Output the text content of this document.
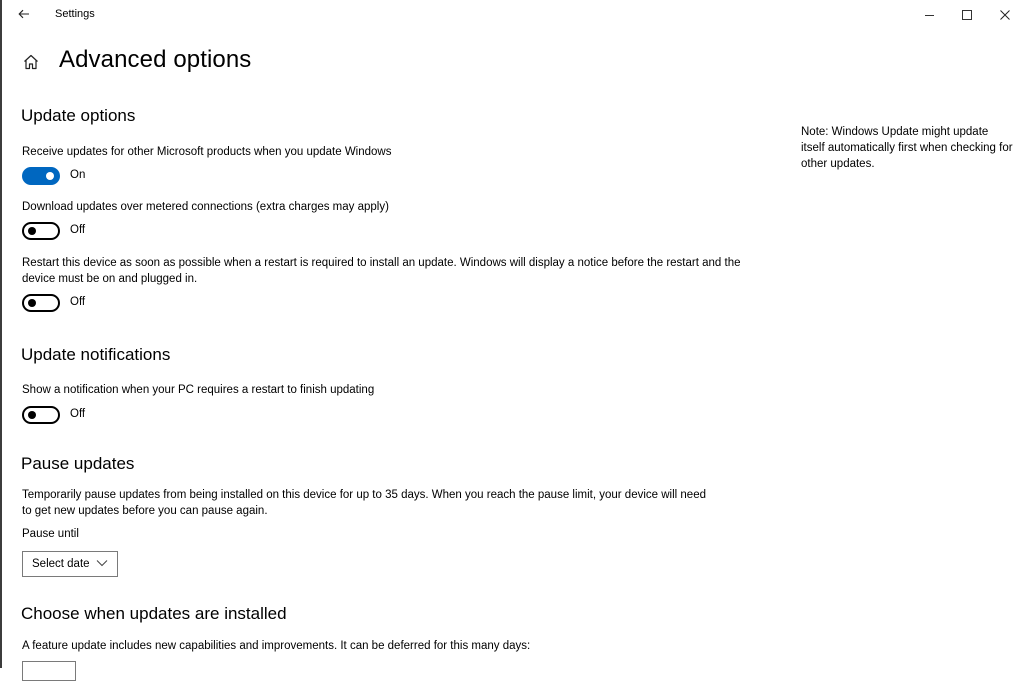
Settings
Advanced options
Update options
Receive updates for other Microsoft products when you update Windows
On
Download updates over metered connections (extra charges may apply)
Off
Restart this device as soon as possible when a restart is required to install an update. Windows will display a notice before the restart and the device must be on and plugged in.
Off
Update notifications
Show a notification when your PC requires a restart to finish updating
Off
Pause updates
Temporarily pause updates from being installed on this device for up to 35 days. When you reach the pause limit, your device will need to get new updates before you can pause again.
Pause until
Select date
Choose when updates are installed
A feature update includes new capabilities and improvements. It can be deferred for this many days:
Note: Windows Update might update itself automatically first when checking for other updates.
